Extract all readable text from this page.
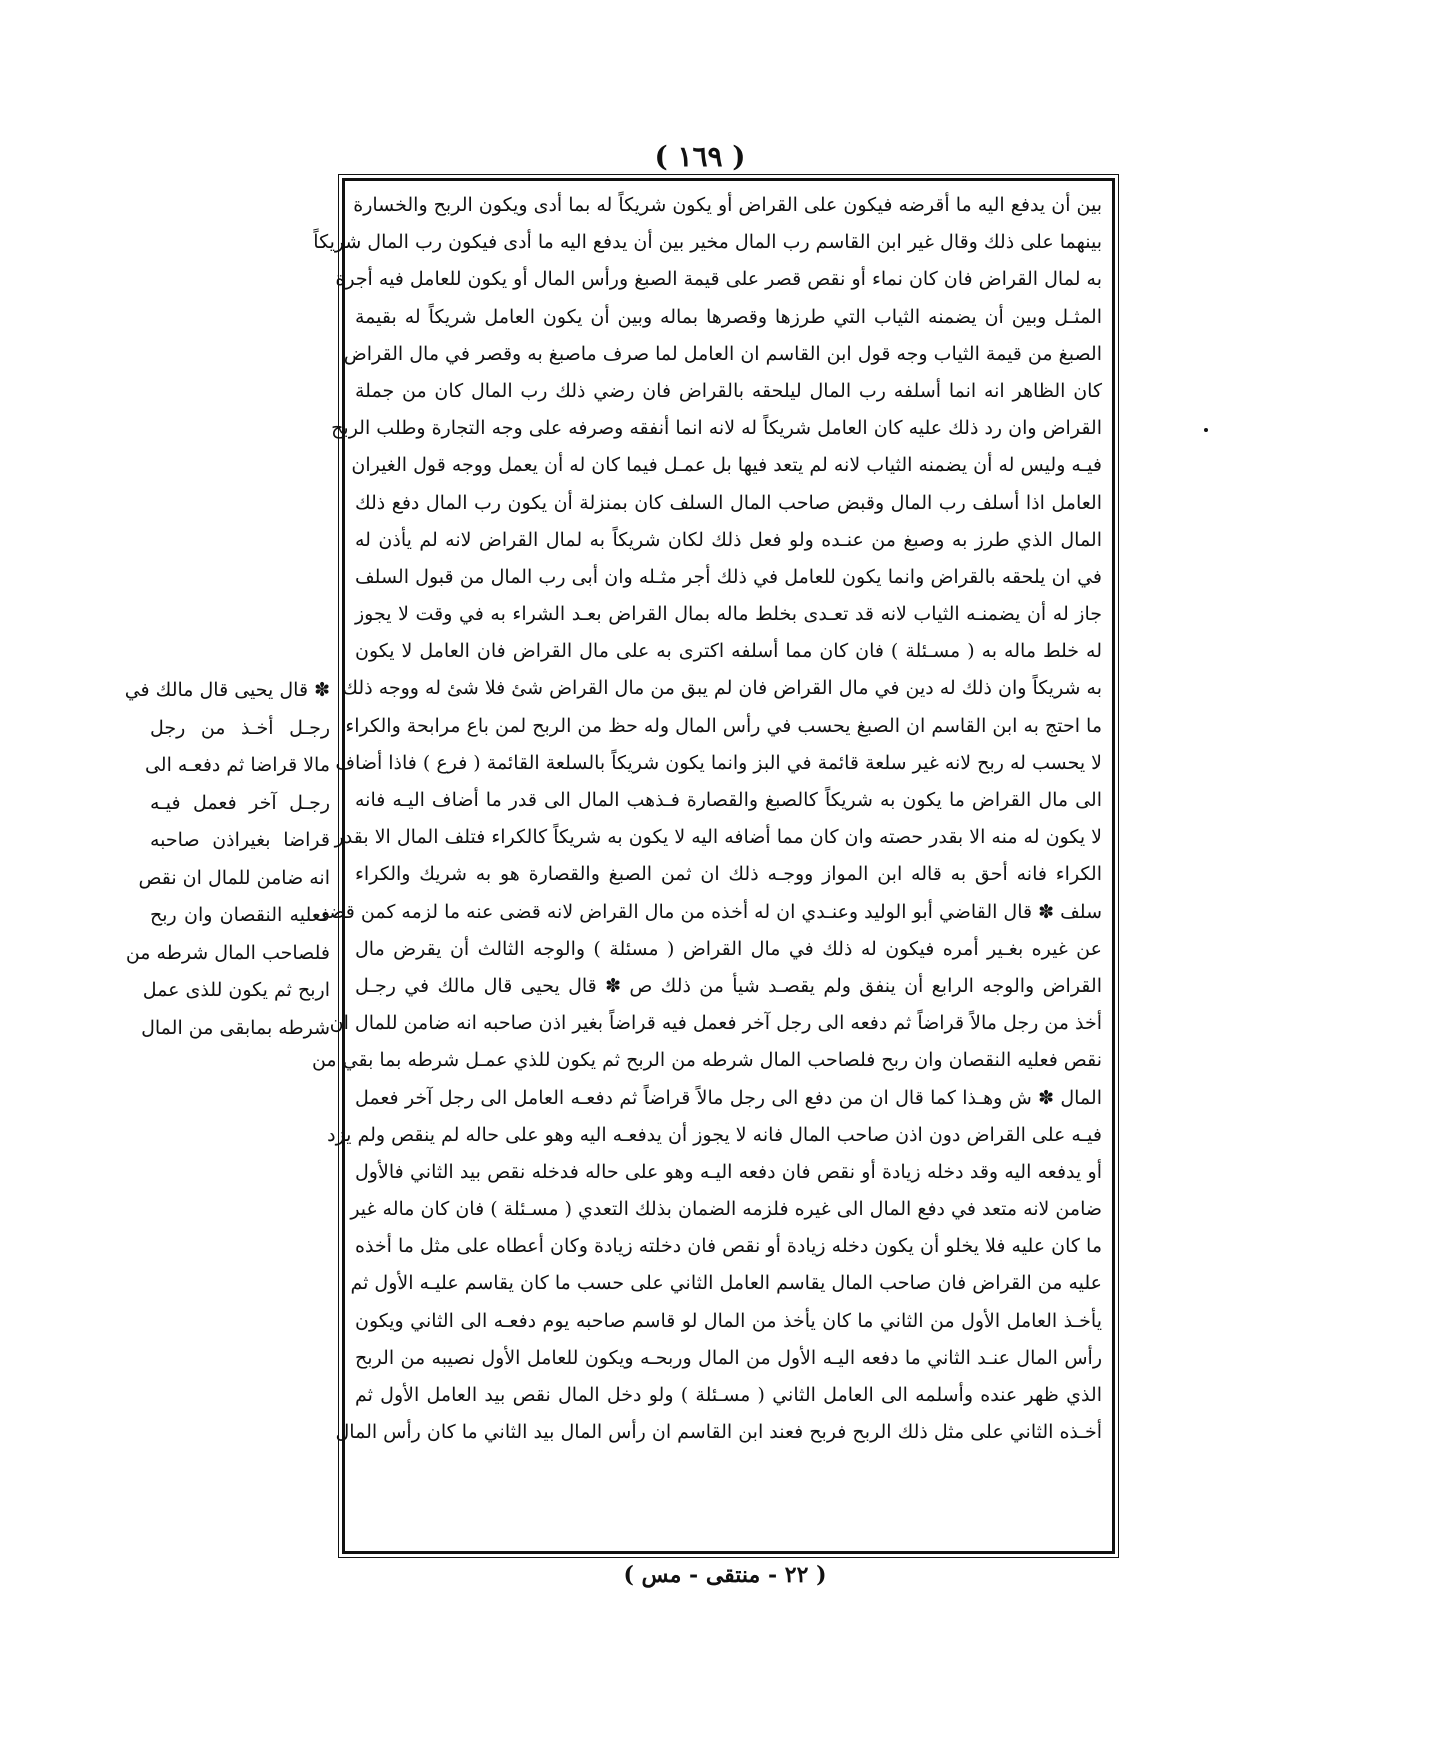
( ١٦٩ )
بين أن يدفع اليه ما أقرضه فيكون على القراض أو يكون شريكاً له بما أدى ويكون الربح والخسارة
بينهما على ذلك وقال غير ابن القاسم رب المال مخير بين أن يدفع اليه ما أدى فيكون رب المال شريكاً
به لمال القراض فان كان نماء أو نقص قصر على قيمة الصبغ ورأس المال أو يكون للعامل فيه أجرة
المثـل وبين أن يضمنه الثياب التي طرزها وقصرها بماله وبين أن يكون العامل شريكاً له بقيمة
الصبغ من قيمة الثياب وجه قول ابن القاسم ان العامل لما صرف ماصبغ به وقصر في مال القراض
كان الظاهر انه انما أسلفه رب المال ليلحقه بالقراض فان رضي ذلك رب المال كان من جملة
القراض وان رد ذلك عليه كان العامل شريكاً له لانه انما أنفقه وصرفه على وجه التجارة وطلب الربح
فيـه وليس له أن يضمنه الثياب لانه لم يتعد فيها بل عمـل فيما كان له أن يعمل ووجه قول الغيران
العامل اذا أسلف رب المال وقبض صاحب المال السلف كان بمنزلة أن يكون رب المال دفع ذلك
المال الذي طرز به وصبغ من عنـده ولو فعل ذلك لكان شريكاً به لمال القراض لانه لم يأذن له
في ان يلحقه بالقراض وانما يكون للعامل في ذلك أجر مثـله وان أبى رب المال من قبول السلف
جاز له أن يضمنـه الثياب لانه قد تعـدى بخلط ماله بمال القراض بعـد الشراء به في وقت لا يجوز
له خلط ماله به ( مسـئلة ) فان كان مما أسلفه اكترى به على مال القراض فان العامل لا يكون
به شريكاً وان ذلك له دين في مال القراض فان لم يبق من مال القراض شئ فلا شئ له ووجه ذلك
ما احتج به ابن القاسم ان الصبغ يحسب في رأس المال وله حظ من الربح لمن باع مرابحة والكراء
لا يحسب له ربح لانه غير سلعة قائمة في البز وانما يكون شريكاً بالسلعة القائمة ( فرع ) فاذا أضاف
الى مال القراض ما يكون به شريكاً كالصبغ والقصارة فـذهب المال الى قدر ما أضاف اليـه فانه
لا يكون له منه الا بقدر حصته وان كان مما أضافه اليه لا يكون به شريكاً كالكراء فتلف المال الا بقدر
الكراء فانه أحق به قاله ابن المواز ووجـه ذلك ان ثمن الصبغ والقصارة هو به شريك والكراء
سلف ✽ قال القاضي أبو الوليد وعنـدي ان له أخذه من مال القراض لانه قضى عنه ما لزمه كمن قضى
عن غيره بغـير أمره فيكون له ذلك في مال القراض ( مسئلة ) والوجه الثالث أن يقرض مال
القراض والوجه الرابع أن ينفق ولم يقصـد شيأ من ذلك ص ✽ قال يحيى قال مالك في رجـل
أخذ من رجل مالاً قراضاً ثم دفعه الى رجل آخر فعمل فيه قراضاً بغير اذن صاحبه انه ضامن للمال ان
نقص فعليه النقصان وان ربح فلصاحب المال شرطه من الربح ثم يكون للذي عمـل شرطه بما بقي من
المال ✽ ش وهـذا كما قال ان من دفع الى رجل مالاً قراضاً ثم دفعـه العامل الى رجل آخر فعمل
فيـه على القراض دون اذن صاحب المال فانه لا يجوز أن يدفعـه اليه وهو على حاله لم ينقص ولم يزد
أو يدفعه اليه وقد دخله زيادة أو نقص فان دفعه اليـه وهو على حاله فدخله نقص بيد الثاني فالأول
ضامن لانه متعد في دفع المال الى غيره فلزمه الضمان بذلك التعدي ( مسـئلة ) فان كان ماله غير
ما كان عليه فلا يخلو أن يكون دخله زيادة أو نقص فان دخلته زيادة وكان أعطاه على مثل ما أخذه
عليه من القراض فان صاحب المال يقاسم العامل الثاني على حسب ما كان يقاسم عليـه الأول ثم
يأخـذ العامل الأول من الثاني ما كان يأخذ من المال لو قاسم صاحبه يوم دفعـه الى الثاني ويكون
رأس المال عنـد الثاني ما دفعه اليـه الأول من المال وربحـه ويكون للعامل الأول نصيبه من الربح
الذي ظهر عنده وأسلمه الى العامل الثاني ( مسـئلة ) ولو دخل المال نقص بيد العامل الأول ثم
أخـذه الثاني على مثل ذلك الربح فربح فعند ابن القاسم ان رأس المال بيد الثاني ما كان رأس المال
✽ قال يحيى قال مالك في
رجـل أخـذ من رجل
مالا قراضا ثم دفعـه الى
رجـل آخر فعمل فيـه
قراضا بغيراذن صاحبه
انه ضامن للمال ان نقص
فعليه النقصان وان ربح
فلصاحب المال شرطه من
اربح ثم يكون للذى عمل
شرطه بمابقى من المال
( ٢٢ - منتقى - مس )
